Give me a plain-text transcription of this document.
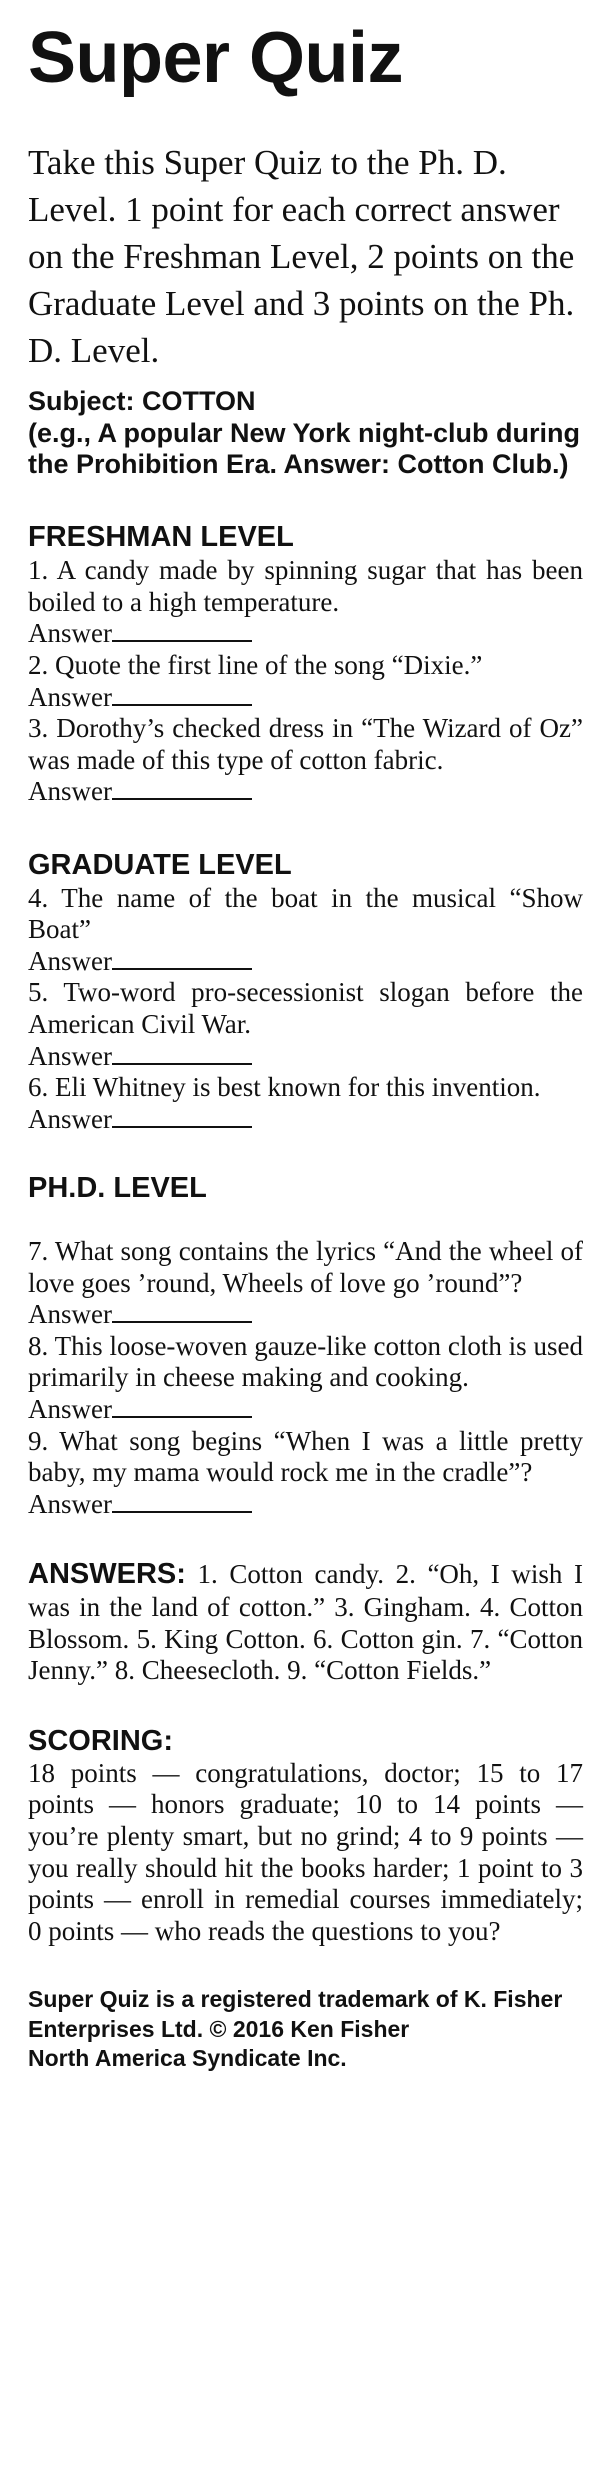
Super Quiz

Take this Super Quiz to the Ph. D. Level. 1 point for each correct answer on the Freshman Level, 2 points on the Graduate Level and 3 points on the Ph. D. Level.

Subject: COTTON
(e.g., A popular New York night-club during the Prohibition Era. Answer: Cotton Club.)
FRESHMAN LEVEL

1. A candy made by spinning sugar that has been boiled to a high temperature.

Answer

2. Quote the first line of the song “Dixie.”

Answer

3. Dorothy’s checked dress in “The Wizard of Oz” was made of this type of cotton fabric.

Answer

GRADUATE LEVEL

4. The name of the boat in the musical “Show Boat”

Answer

5. Two-word pro-secessionist slogan before the American Civil War.

Answer

6. Eli Whitney is best known for this invention.

Answer

PH.D. LEVEL

7. What song contains the lyrics “And the wheel of love goes ’round, Wheels of love go ’round”?

Answer

8. This loose-woven gauze-like cotton cloth is used primarily in cheese making and cooking.

Answer

9. What song begins “When I was a little pretty baby, my mama would rock me in the cradle”?

Answer

ANSWERS: 1. Cotton candy. 2. “Oh, I wish I was in the land of cotton.” 3. Gingham. 4. Cotton Blossom. 5. King Cotton. 6. Cotton gin. 7. “Cotton Jenny.” 8. Cheesecloth. 9. “Cotton Fields.”

SCORING:

18 points — congratulations, doctor; 15 to 17 points — honors graduate; 10 to 14 points — you’re plenty smart, but no grind; 4 to 9 points — you really should hit the books harder; 1 point to 3 points — enroll in remedial courses immediately; 0 points — who reads the questions to you?

Super Quiz is a registered trademark of K. Fisher Enterprises Ltd. © 2016 Ken Fisher
North America Syndicate Inc.
